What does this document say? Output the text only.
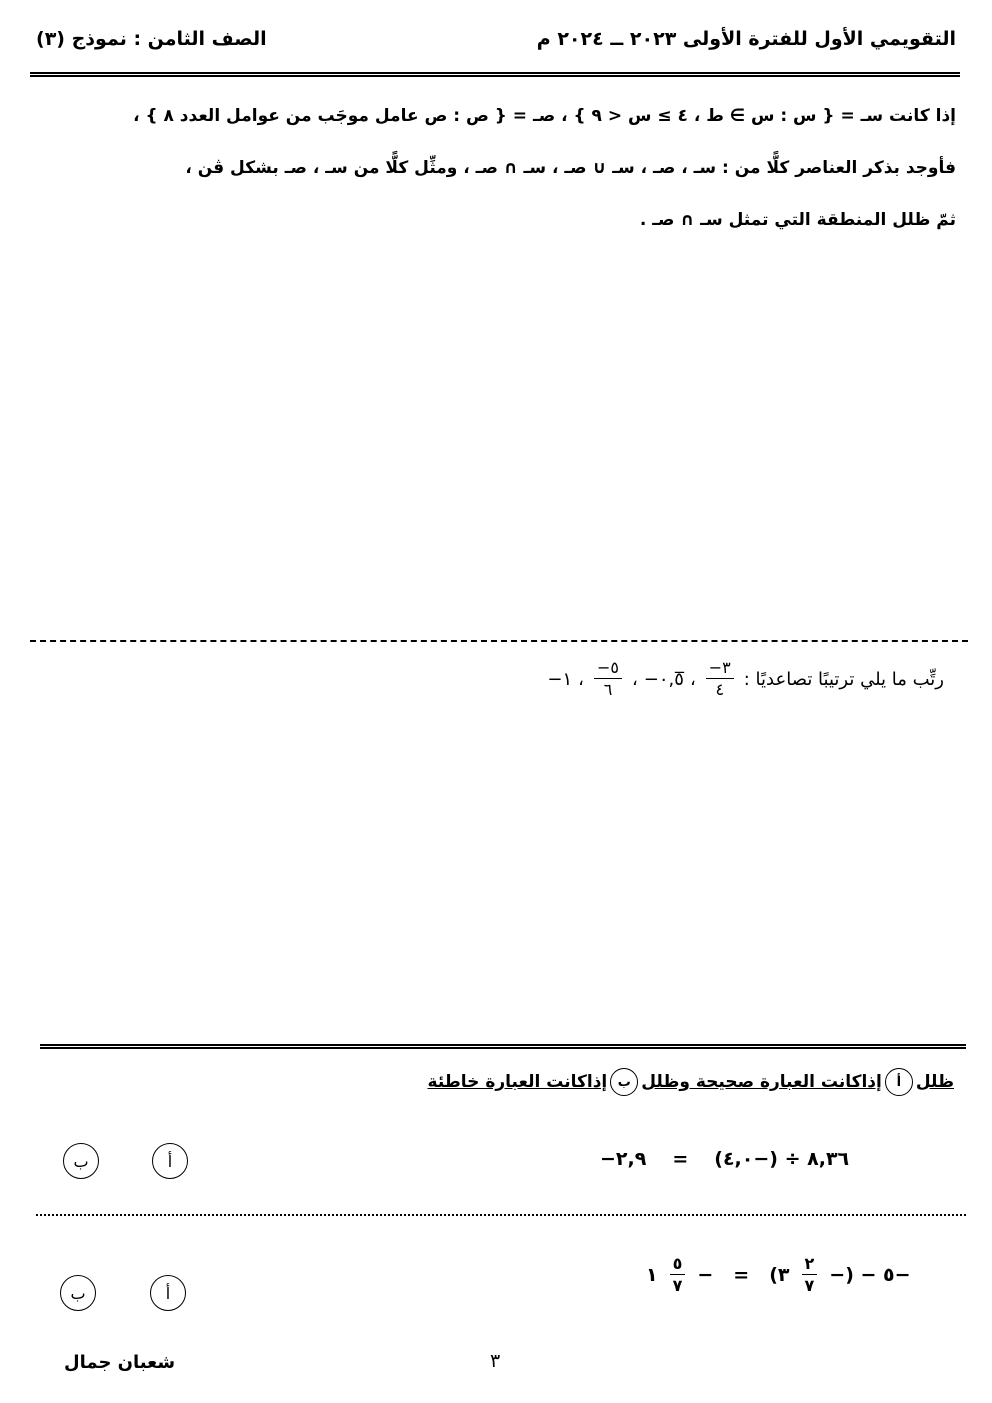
التقويمي الأول للفترة الأولى ٢٠٢٣ ــ ٢٠٢٤ م
الصف الثامن : نموذج (٣)
إذا كانت سـ = { س : س ∋ ط ، ٤ ≥ س < ٩ } ، صـ = { ص : ص عامل موجَب من عوامل العدد ٨ } ،
فأوجد بذكر العناصر كلًّا من : سـ ، صـ ، سـ ∪ صـ ، سـ ∩ صـ ، ومثِّل كلًّا من سـ ، صـ بشكل ڤن ،
ثمّ ظلل المنطقة التي تمثل سـ ∩ صـ .
رتِّب ما يلي ترتيبًا تصاعديًا :
$\frac{٣-}{٤}$
،
−٠,٥̅
،
$\frac{٥-}{٦}$
،
−١
ظلل
أ
إذاكانت العبارة صحيحة وظلل
ب
إذاكانت العبارة خاطئة
−٢,٩ = ٨,٣٦ ÷ (−٤,٠)
ب	أ
١ $\frac{٥}{٧}$ − = ٣) $\frac{٢}{٧}$ −٥ − (−
ب	أ
شعبان جمال	٣
